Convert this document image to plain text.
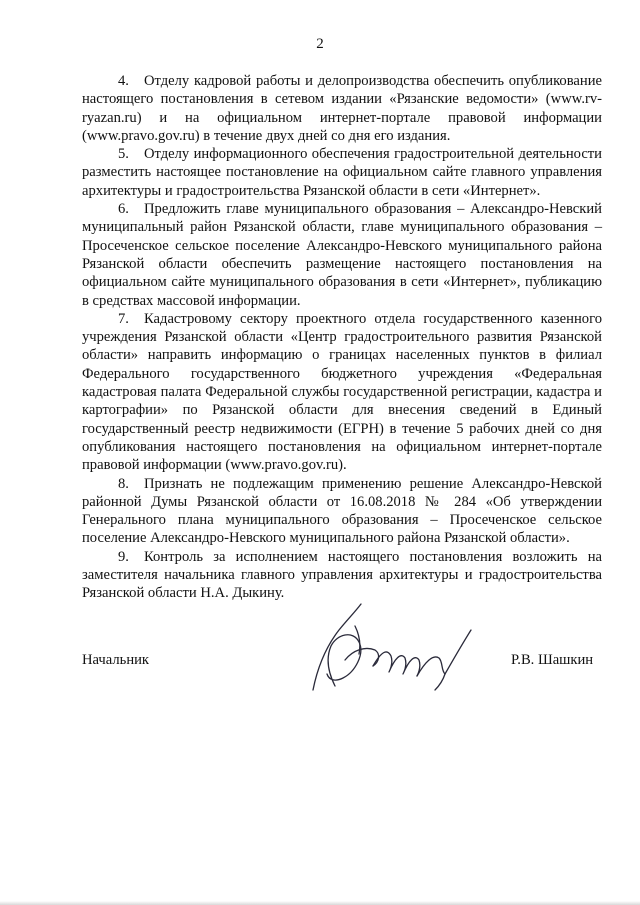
2

4. Отделу кадровой работы и делопроизводства обеспечить опубликование настоящего постановления в сетевом издании «Рязанские ведомости» (www.rv-ryazan.ru) и на официальном интернет-портале правовой информации (www.pravo.gov.ru) в течение двух дней со дня его издания.

5. Отделу информационного обеспечения градостроительной деятельности разместить настоящее постановление на официальном сайте главного управления архитектуры и градостроительства Рязанской области в сети «Интернет».

6. Предложить главе муниципального образования – Александро-Невский муниципальный район Рязанской области, главе муниципального образования – Просеченское сельское поселение Александро-Невского муниципального района Рязанской области обеспечить размещение настоящего постановления на официальном сайте муниципального образования в сети «Интернет», публикацию в средствах массовой информации.

7. Кадастровому сектору проектного отдела государственного казенного учреждения Рязанской области «Центр градостроительного развития Рязанской области» направить информацию о границах населенных пунктов в филиал Федерального государственного бюджетного учреждения «Федеральная кадастровая палата Федеральной службы государственной регистрации, кадастра и картографии» по Рязанской области для внесения сведений в Единый государственный реестр недвижимости (ЕГРН) в течение 5 рабочих дней со дня опубликования настоящего постановления на официальном интернет-портале правовой информации (www.pravo.gov.ru).

8. Признать не подлежащим применению решение Александро-Невской районной Думы Рязанской области от 16.08.2018 № 284 «Об утверждении Генерального плана муниципального образования – Просеченское сельское поселение Александро-Невского муниципального района Рязанской области».

9. Контроль за исполнением настоящего постановления возложить на заместителя начальника главного управления архитектуры и градостроительства Рязанской области Н.А. Дыкину.

Начальник	Р.В. Шашкин
